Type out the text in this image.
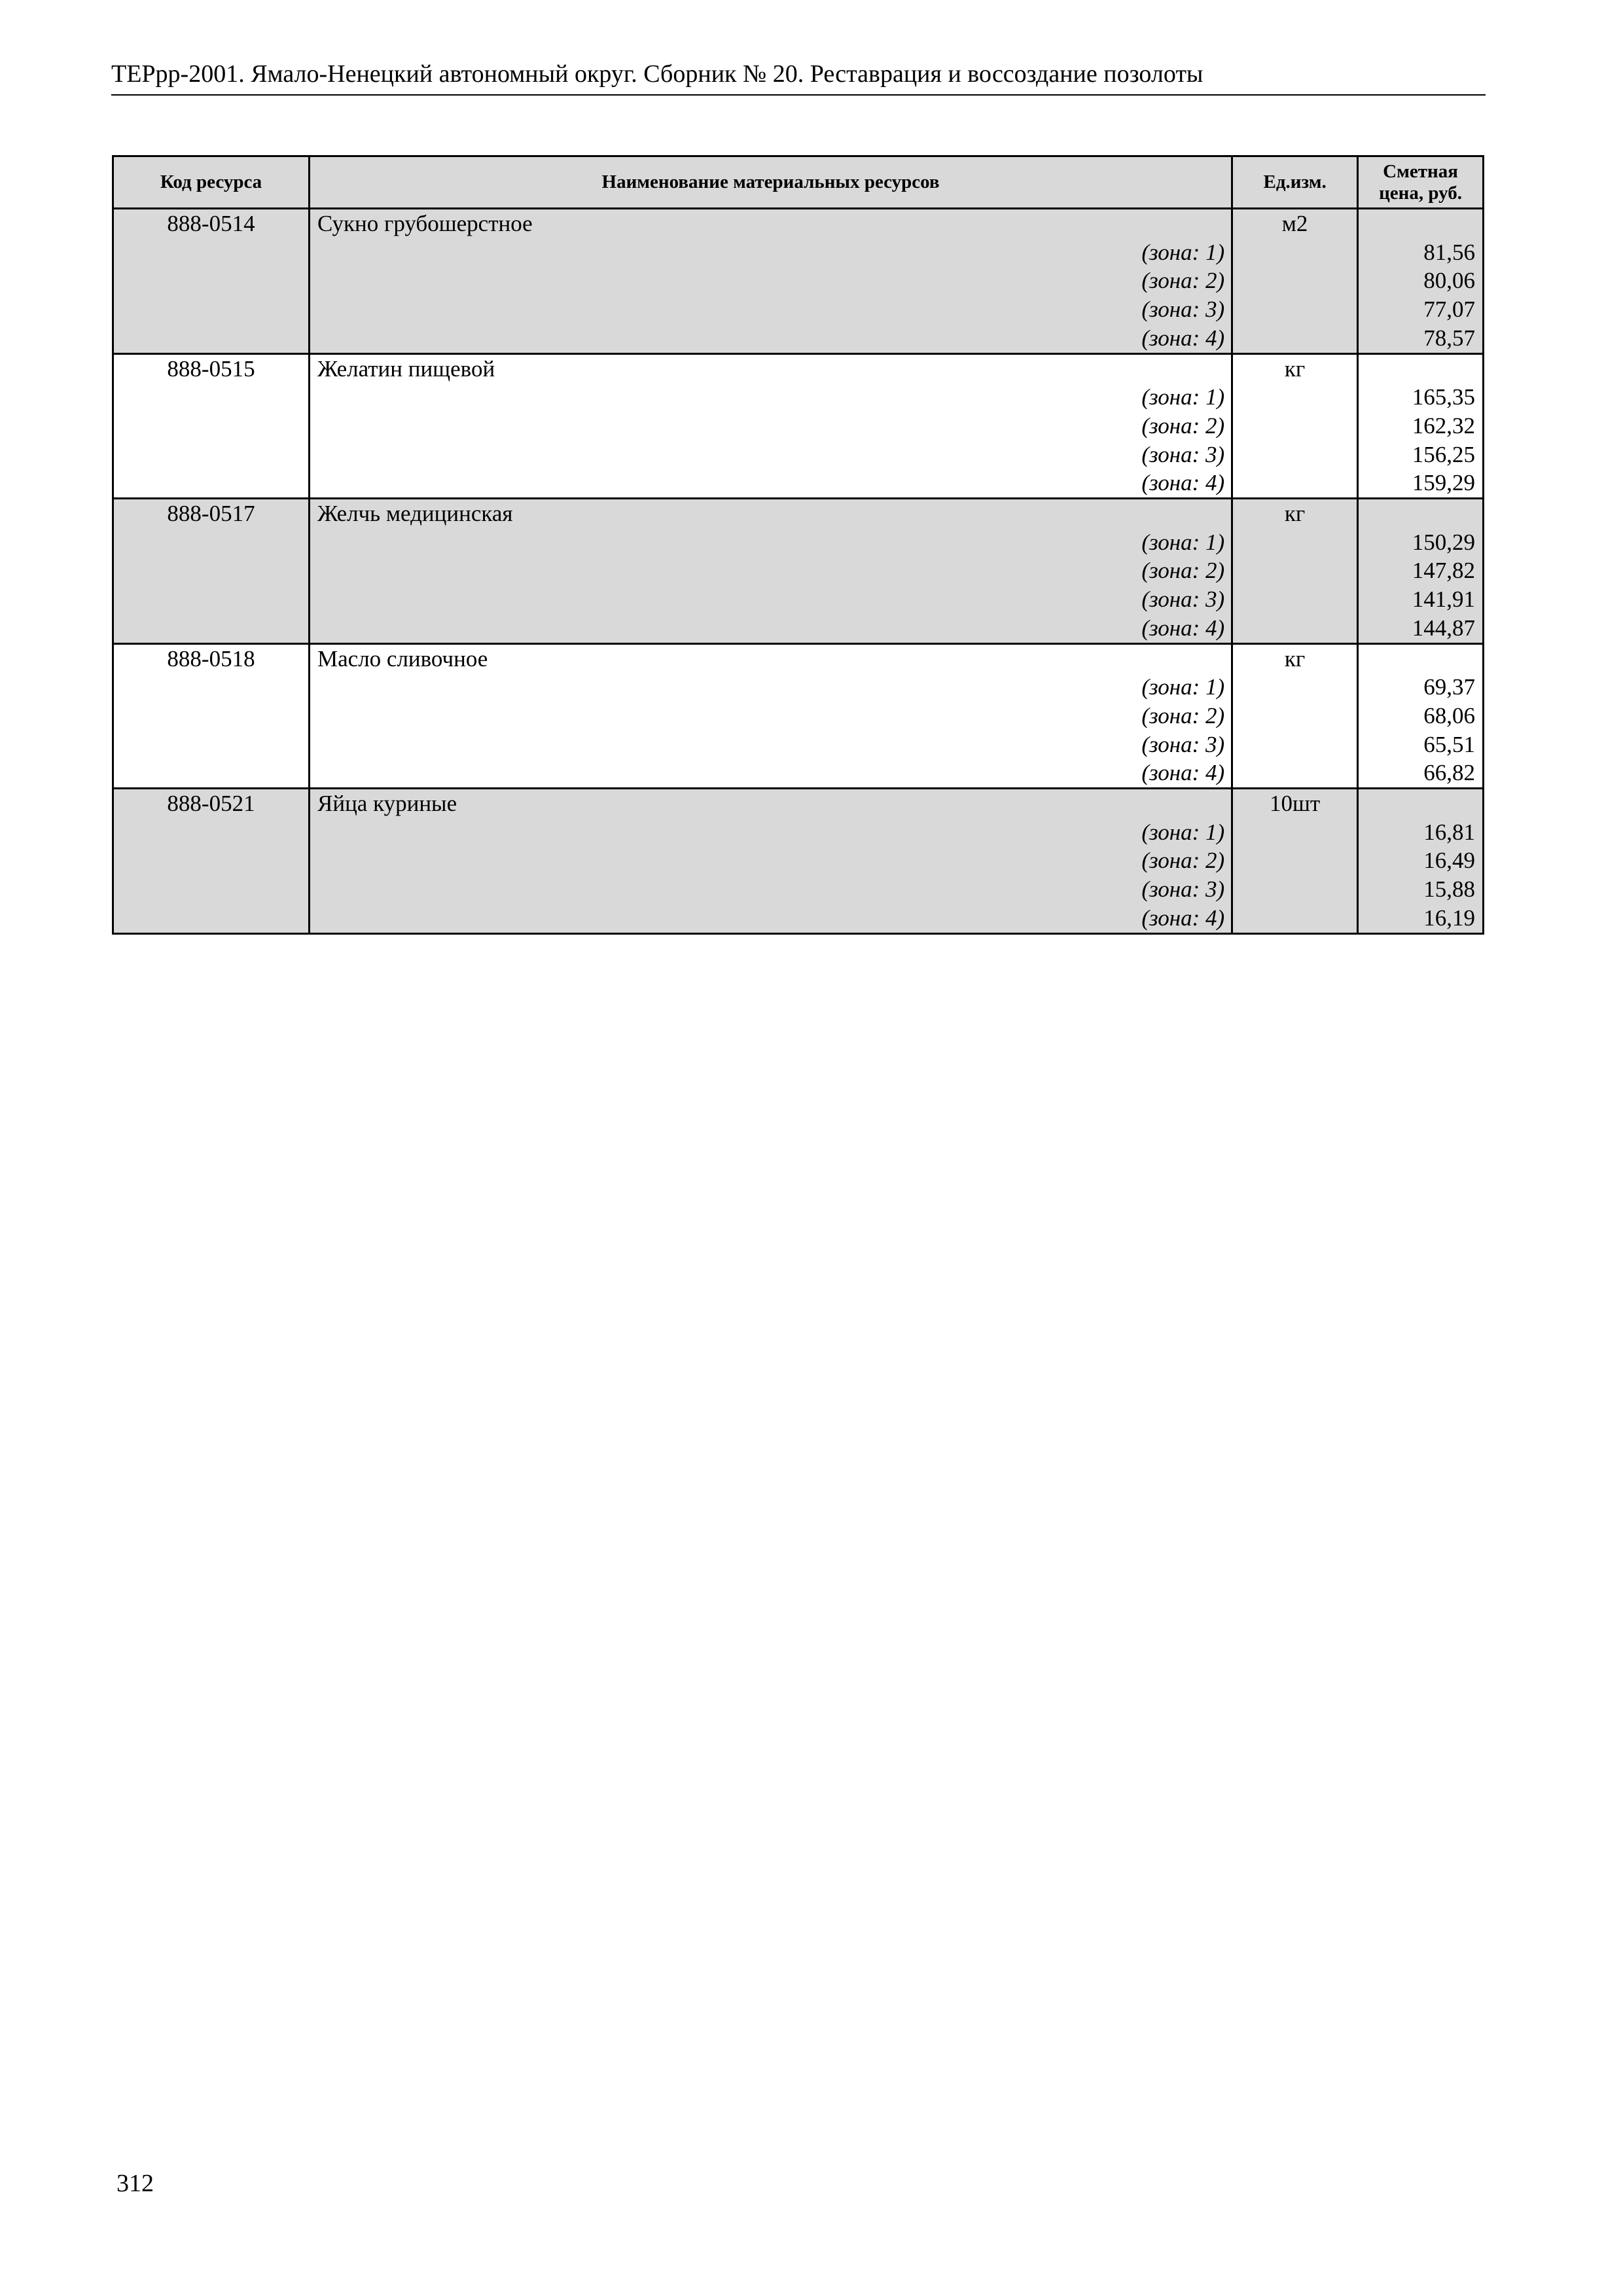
ТЕРрр-2001. Ямало-Ненецкий автономный округ. Сборник № 20. Реставрация и воссоздание позолоты
Код ресурса	Наименование материальных ресурсов	Ед.изм.	Сметная цена, руб.
888-0514	Сукно грубошерстное	м2	
	(зона: 1)		81,56
	(зона: 2)		80,06
	(зона: 3)		77,07
	(зона: 4)		78,57
888-0515	Желатин пищевой	кг	
	(зона: 1)		165,35
	(зона: 2)		162,32
	(зона: 3)		156,25
	(зона: 4)		159,29
888-0517	Желчь медицинская	кг	
	(зона: 1)		150,29
	(зона: 2)		147,82
	(зона: 3)		141,91
	(зона: 4)		144,87
888-0518	Масло сливочное	кг	
	(зона: 1)		69,37
	(зона: 2)		68,06
	(зона: 3)		65,51
	(зона: 4)		66,82
888-0521	Яйца куриные	10шт	
	(зона: 1)		16,81
	(зона: 2)		16,49
	(зона: 3)		15,88
	(зона: 4)		16,19
312
